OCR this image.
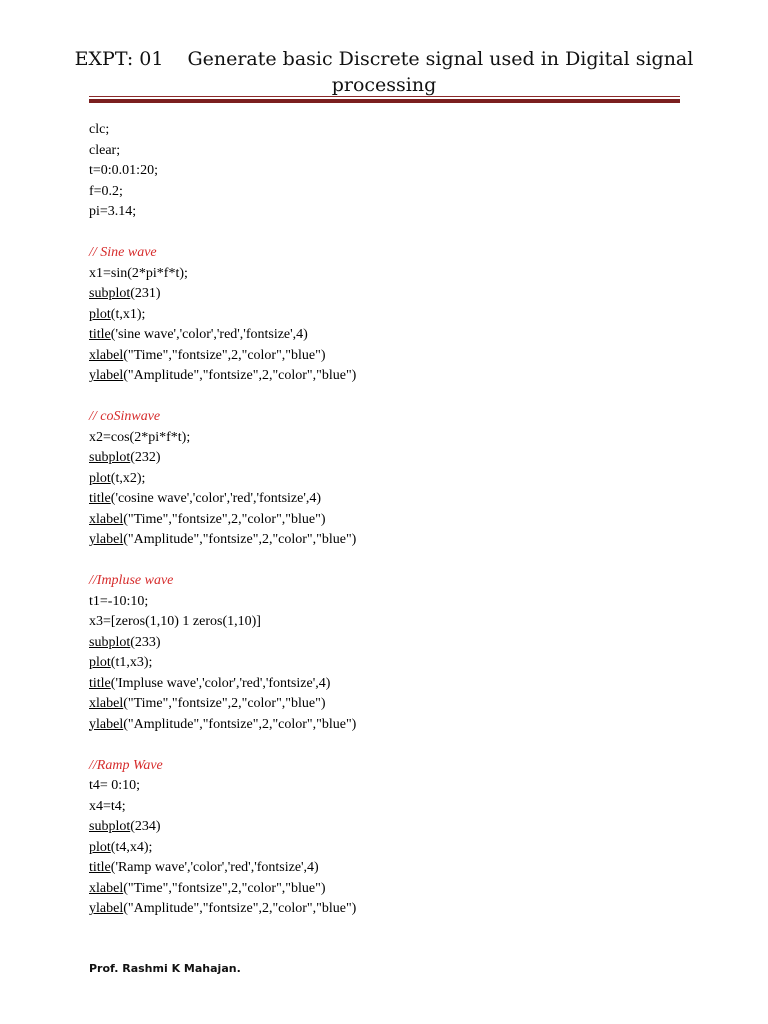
EXPT: 01 Generate basic Discrete signal used in Digital signal
processing
clc;
clear;
t=0:0.01:20;
f=0.2;
pi=3.14;
// Sine wave
x1=sin(2*pi*f*t);
subplot(231)
plot(t,x1);
title('sine wave','color','red','fontsize',4)
xlabel("Time","fontsize",2,"color","blue")
ylabel("Amplitude","fontsize",2,"color","blue")
// coSinwave
x2=cos(2*pi*f*t);
subplot(232)
plot(t,x2);
title('cosine wave','color','red','fontsize',4)
xlabel("Time","fontsize",2,"color","blue")
ylabel("Amplitude","fontsize",2,"color","blue")
//Impluse wave
t1=-10:10;
x3=[zeros(1,10) 1 zeros(1,10)]
subplot(233)
plot(t1,x3);
title('Impluse wave','color','red','fontsize',4)
xlabel("Time","fontsize",2,"color","blue")
ylabel("Amplitude","fontsize",2,"color","blue")
//Ramp Wave
t4= 0:10;
x4=t4;
subplot(234)
plot(t4,x4);
title('Ramp wave','color','red','fontsize',4)
xlabel("Time","fontsize",2,"color","blue")
ylabel("Amplitude","fontsize",2,"color","blue")
Prof. Rashmi K Mahajan.
